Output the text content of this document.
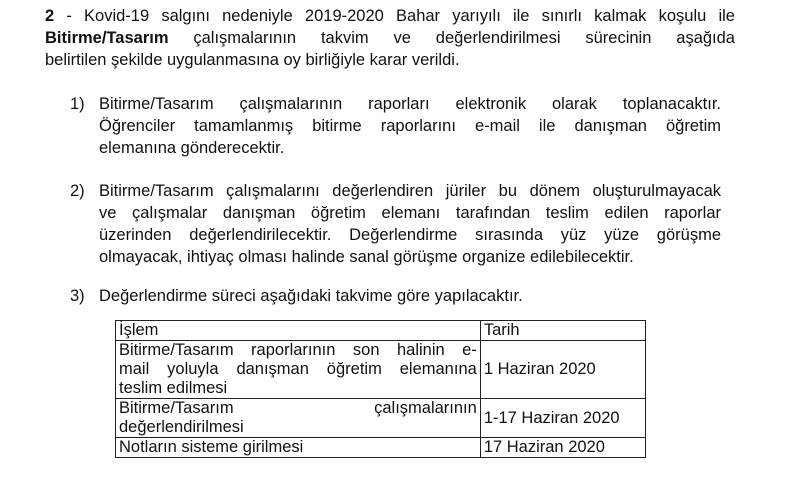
2 - Kovid-19 salgını nedeniyle 2019-2020 Bahar yarıyılı ile sınırlı kalmak koşulu ile
Bitirme/Tasarım çalışmalarının takvim ve değerlendirilmesi sürecinin aşağıda
belirtilen şekilde uygulanmasına oy birliğiyle karar verildi.
1) Bitirme/Tasarım çalışmalarının raporları elektronik olarak toplanacaktır.
Öğrenciler tamamlanmış bitirme raporlarını e-mail ile danışman öğretim
elemanına gönderecektir.
2) Bitirme/Tasarım çalışmalarını değerlendiren jüriler bu dönem oluşturulmayacak
ve çalışmalar danışman öğretim elemanı tarafından teslim edilen raporlar
üzerinden değerlendirilecektir. Değerlendirme sırasında yüz yüze görüşme
olmayacak, ihtiyaç olması halinde sanal görüşme organize edilebilecektir.
3) Değerlendirme süreci aşağıdaki takvime göre yapılacaktır.
İşlem	Tarih

Bitirme/Tasarım raporlarının son halinin e-
mail yoluyla danışman öğretim elemanına
teslim edilmesi	1 Haziran 2020

Bitirme/Tasarım çalışmalarının
değerlendirilmesi	1-17 Haziran 2020
Notların sisteme girilmesi	17 Haziran 2020
